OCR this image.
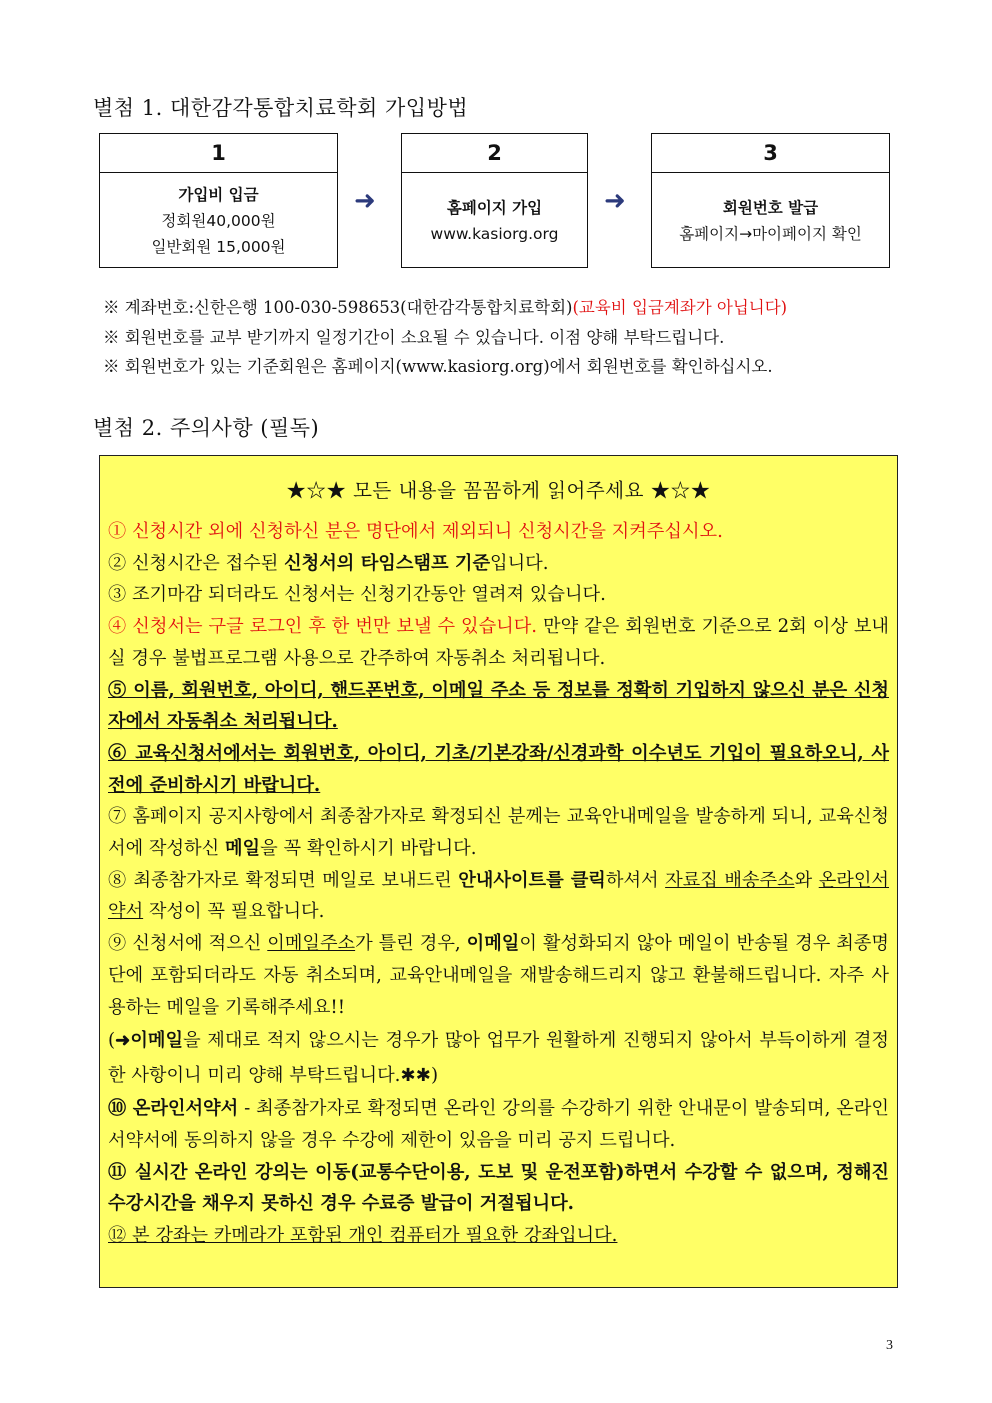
별첨 1. 대한감각통합치료학회 가입방법
1
가입비 입금
정회원40,000원
일반회원 15,000원
➜
2
홈페이지 가입
www.kasiorg.org
➜
3
회원번호 발급
홈페이지→마이페이지 확인
※ 계좌번호:신한은행 100-030-598653(대한감각통합치료학회)(교육비 입금계좌가 아닙니다)
※ 회원번호를 교부 받기까지 일정기간이 소요될 수 있습니다. 이점 양해 부탁드립니다.
※ 회원번호가 있는 기준회원은 홈페이지(www.kasiorg.org)에서 회원번호를 확인하십시오.
별첨 2. 주의사항 (필독)
★☆★ 모든 내용을 꼼꼼하게 읽어주세요 ★☆★

① 신청시간 외에 신청하신 분은 명단에서 제외되니 신청시간을 지켜주십시오.

② 신청시간은 접수된 신청서의 타임스탬프 기준입니다.

③ 조기마감 되더라도 신청서는 신청기간동안 열려져 있습니다.

④ 신청서는 구글 로그인 후 한 번만 보낼 수 있습니다. 만약 같은 회원번호 기준으로 2회 이상 보내실 경우 불법프로그램 사용으로 간주하여 자동취소 처리됩니다.

⑤ 이름, 회원번호, 아이디, 핸드폰번호, 이메일 주소 등 정보를 정확히 기입하지 않으신 분은 신청자에서 자동취소 처리됩니다.

⑥ 교육신청서에서는 회원번호, 아이디, 기초/기본강좌/신경과학 이수년도 기입이 필요하오니, 사전에 준비하시기 바랍니다.

⑦ 홈페이지 공지사항에서 최종참가자로 확정되신 분께는 교육안내메일을 발송하게 되니, 교육신청서에 작성하신 메일을 꼭 확인하시기 바랍니다.

⑧ 최종참가자로 확정되면 메일로 보내드린 안내사이트를 클릭하셔서 자료집 배송주소와 온라인서약서 작성이 꼭 필요합니다.

⑨ 신청서에 적으신 이메일주소가 틀린 경우, 이메일이 활성화되지 않아 메일이 반송될 경우 최종명단에 포함되더라도 자동 취소되며, 교육안내메일을 재발송해드리지 않고 환불해드립니다. 자주 사용하는 메일을 기록해주세요!!

(➜이메일을 제대로 적지 않으시는 경우가 많아 업무가 원활하게 진행되지 않아서 부득이하게 결정한 사항이니 미리 양해 부탁드립니다.✱✱)

⑩ 온라인서약서 - 최종참가자로 확정되면 온라인 강의를 수강하기 위한 안내문이 발송되며, 온라인 서약서에 동의하지 않을 경우 수강에 제한이 있음을 미리 공지 드립니다.

⑪ 실시간 온라인 강의는 이동(교통수단이용, 도보 및 운전포함)하면서 수강할 수 없으며, 정해진 수강시간을 채우지 못하신 경우 수료증 발급이 거절됩니다.

⑫ 본 강좌는 카메라가 포함된 개인 컴퓨터가 필요한 강좌입니다.

3
